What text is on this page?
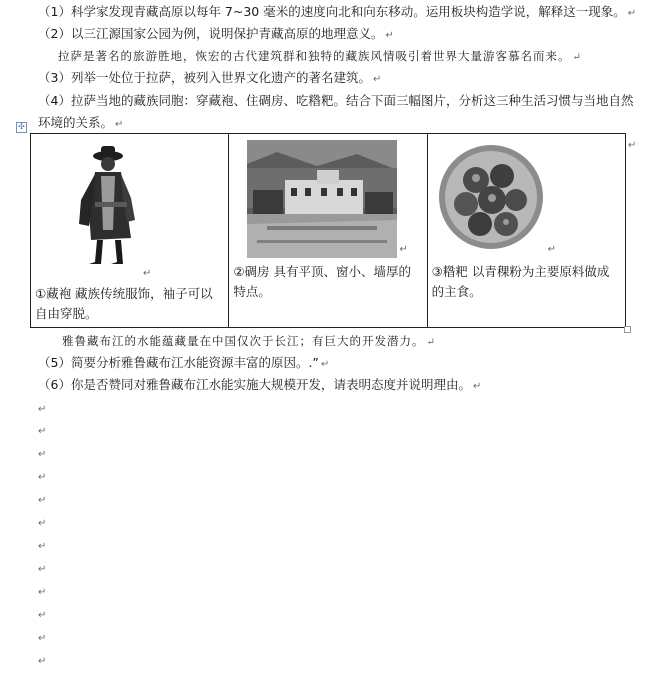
（1）科学家发现青藏高原以每年 7~30 毫米的速度向北和向东移动。运用板块构造学说，解释这一现象。 ↵
（2）以三江源国家公园为例，说明保护青藏高原的地理意义。 ↵
拉萨是著名的旅游胜地，恢宏的古代建筑群和独特的藏族风情吸引着世界大量游客慕名而来。 ↵
（3）列举一处位于拉萨，被列入世界文化遗产的著名建筑。 ↵
（4）拉萨当地的藏族同胞：穿藏袍、住碉房、吃糌粑。结合下面三幅图片，分析这三种生活习惯与当地自然
环境的关系。 ↵
✣
↵
①藏袍 藏族传统服饰，袖子可以自由穿脱。
↵
②碉房 具有平顶、窗小、墙厚的特点。
↵
③糌粑 以青稞粉为主要原料做成的主食。
↵
雅鲁藏布江的水能蕴藏量在中国仅次于长江；有巨大的开发潜力。 ↵
（5）简要分析雅鲁藏布江水能资源丰富的原因。.” ↵
（6）你是否赞同对雅鲁藏布江水能实施大规模开发，请表明态度并说明理由。 ↵
↵
↵
↵
↵
↵
↵
↵
↵
↵
↵
↵
↵
